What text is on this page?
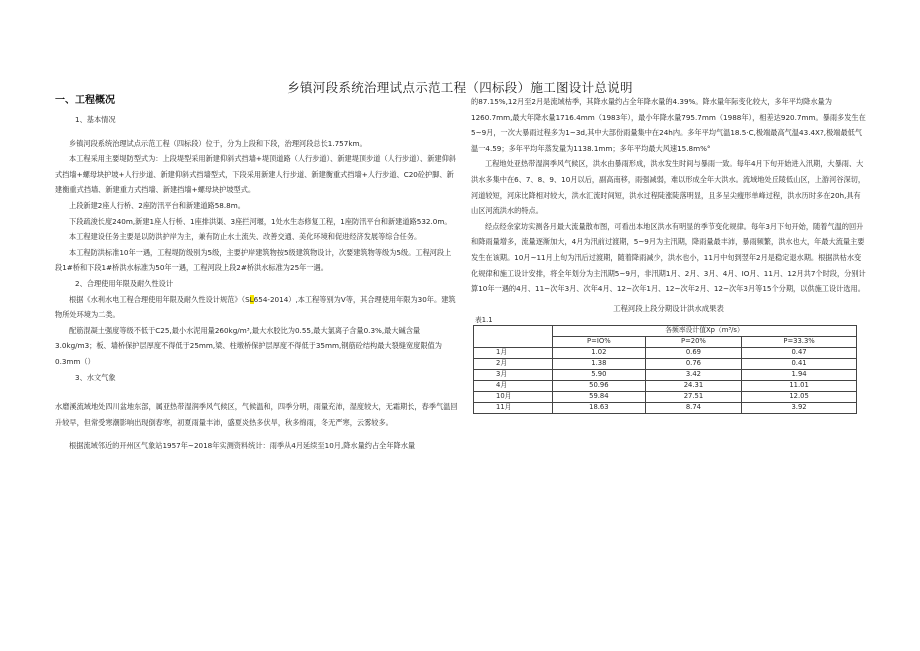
乡镇河段系统治理试点示范工程（四标段）施工图设计总说明
一、工程概况
1、基本情况

乡镇河段系统治理试点示范工程（四标段）位于，分为上段和下段，治理河段总长1.757km。

本工程采用主要堤防型式为：上段堤型采用新建仰斜式挡墙+堤顶道路（人行步道）、新建堤顶步道（人行步道）、新建仰斜式挡墙+螺母块护坡+人行步道、新建仰斜式挡墙型式，下段采用新建人行步道、新建衡重式挡墙+人行步道、C20砼护脚、新建衡重式挡墙、新建重力式挡墙、新建挡墙+螺母块护坡型式。

上段新建2座人行桥、2座防汛平台和新建道路58.8m。

下段疏浚长度240m,新建1座人行桥、1座排洪渠、3座拦河堰，1处水生态修复工程，1座防汛平台和新建道路532.0m。

本工程建设任务主要是以防洪护岸为主，兼有防止水土流失、改善交通、美化环境和促进经济发展等综合任务。

本工程防洪标准10年一遇，工程堤防级别为5级，主要护岸建筑物按5级建筑物设计，次要建筑物等级为5级。工程河段上段1#桥和下段1#桥洪水标准为50年一遇，工程河段上段2#桥洪水标准为25年一遇。

2、合理使用年限及耐久性设计

根据《水利水电工程合理使用年限及耐久性设计规范》（SL654-2014）,本工程等别为V等，其合理使用年限为30年。建筑物所处环境为二类。

配筋混凝土强度等级不低于C25,最小水泥用量260kg/m³,最大水胶比为0.55,最大氯离子含量0.3%,最大碱含量3.0kg/m3；板、墙桥保护层厚度不得低于25mm,梁、柱墩桥保护层厚度不得低于35mm,钢筋砼结构最大裂缝宽度限值为0.3mm（）

3、水文气象

水磨溪流域地处四川盆地东部，属亚热带湿润季风气候区，气候温和，四季分明，雨量充沛，湿度较大，无霜期长，春季气温回升较早，但常受寒潮影响出现倒春寒，初夏雨量丰沛，盛夏炎热多伏旱，秋多绵雨，冬无严寒，云雾较多。

根据流域邻近的开州区气象站1957年~2018年实测资料统计：雨季从4月延续至10月,降水量约占全年降水量

的87.15%,12月至2月是流域枯季，其降水量约占全年降水量的4.39%。降水量年际变化较大，多年平均降水量为1260.7mm,最大年降水量1716.4mm（1983年），最小年降水量795.7mm（1988年），相差达920.7mm。暴雨多发生在5~9月，一次大暴雨过程多为1~3d,其中大部份雨量集中在24h内。多年平均气温18.5·C,极端最高气温43.4X?,极端最低气温一4.59；多年平均年蒸发量为1138.1mm；多年平均最大风速15.8m%°

工程地处亚热带湿润季风气候区，洪水由暴雨形成，洪水发生时间与暴雨一致。每年4月下旬开始进入汛期，大暴雨、大洪水多集中在6、7、8、9、10月以后，副高南移，雨强减弱，难以形成全年大洪水。流域地处丘陵低山区，上游河谷深切，河道较短，河床比降相对较大，洪水汇流时间短，洪水过程陡涨陡落明显，且多呈尖瘦形单峰过程，洪水历时多在20h,具有山区河流洪水的特点。

经点经余家坊实测各月最大流量散布图，可看出本地区洪水有明显的季节变化规律。每年3月下旬开始，随着气温的回升和降雨量增多，流量逐渐加大，4月为汛前过渡期，5~9月为主汛期，降雨量最丰沛，暴雨频繁，洪水也大，年最大流量主要发生在该期。10月~11月上旬为汛后过渡期，随着降雨减少，洪水也小，11月中旬到翌年2月是稳定退水期。根据洪枯水变化规律和施工设计安排，将全年划分为主汛期5~9月，非汛期1月、2月、3月、4月、IO月、11月、12月共7个时段，分别计算10年一遇的4月、11~次年3月、次年4月、12~次年1月、12~次年2月、12~次年3月等15个分期，以供施工设计选用。

工程河段上段分期设计洪水成果表
表1.1
	各频率设计值Xp（m³/s）		
	P=IO%	P=20%	P=33.3%
1月	1.02	0.69	0.47
2月	1.38	0.76	0.41
3月	5.90	3.42	1.94
4月	50.96	24.31	11.01
10月	59.84	27.51	12.05
11月	18.63	8.74	3.92
